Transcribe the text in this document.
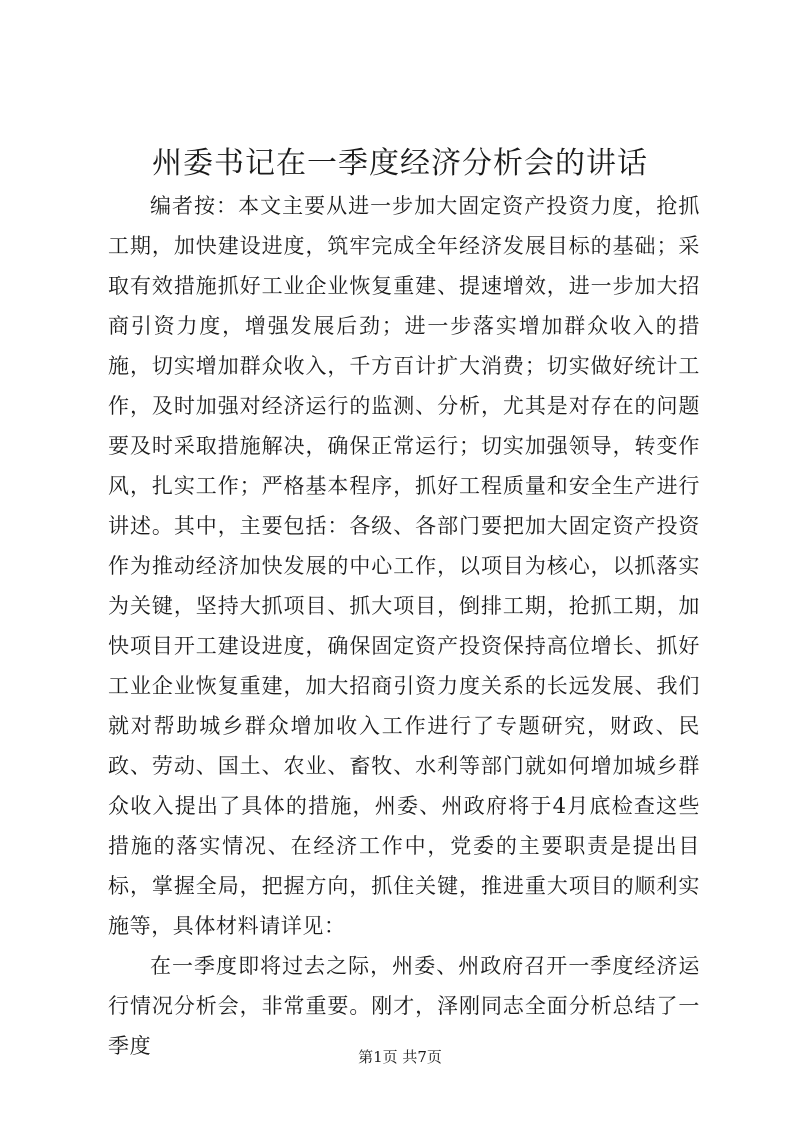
州委书记在一季度经济分析会的讲话

编者按：本文主要从进一步加大固定资产投资力度，抢抓工期，加快建设进度，筑牢完成全年经济发展目标的基础；采取有效措施抓好工业企业恢复重建、提速增效，进一步加大招商引资力度，增强发展后劲；进一步落实增加群众收入的措施，切实增加群众收入，千方百计扩大消费；切实做好统计工作，及时加强对经济运行的监测、分析，尤其是对存在的问题要及时采取措施解决，确保正常运行；切实加强领导，转变作风，扎实工作；严格基本程序，抓好工程质量和安全生产进行讲述。其中，主要包括：各级、各部门要把加大固定资产投资作为推动经济加快发展的中心工作，以项目为核心，以抓落实为关键，坚持大抓项目、抓大项目，倒排工期，抢抓工期，加快项目开工建设进度，确保固定资产投资保持高位增长、抓好工业企业恢复重建，加大招商引资力度关系的长远发展、我们就对帮助城乡群众增加收入工作进行了专题研究，财政、民政、劳动、国土、农业、畜牧、水利等部门就如何增加城乡群众收入提出了具体的措施，州委、州政府将于4月底检查这些措施的落实情况、在经济工作中，党委的主要职责是提出目标，掌握全局，把握方向，抓住关键，推进重大项目的顺利实施等，具体材料请详见：

在一季度即将过去之际，州委、州政府召开一季度经济运行情况分析会，非常重要。刚才，泽刚同志全面分析总结了一季度	第1页 共7页
